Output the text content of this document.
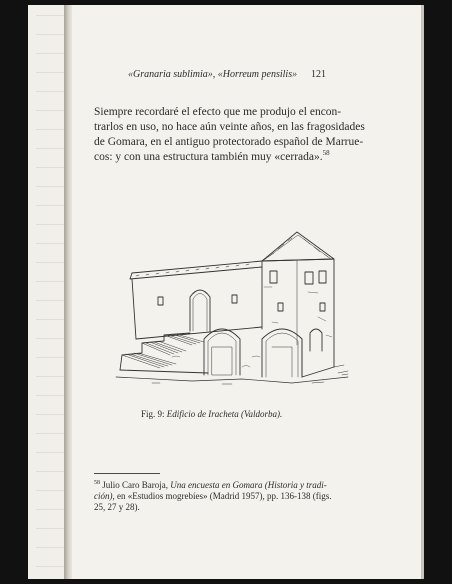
«Granaria sublimia», «Horreum pensilis» 121

Siempre recordaré el efecto que me produjo el encon-
trarlos en uso, no hace aún veinte años, en las fragosidades
de Gomara, en el antiguo protectorado español de Marrue-
cos: y con una estructura también muy «cerrada».$^{58}$

Fig. 9: Edificio de Iracheta (Valdorba).

$^{58}$ Julio Caro Baroja, Una encuesta en Gomara (Historia y tradi-
ción), en «Estudios mogrebíes» (Madrid 1957), pp. 136-138 (figs.
25, 27 y 28).
